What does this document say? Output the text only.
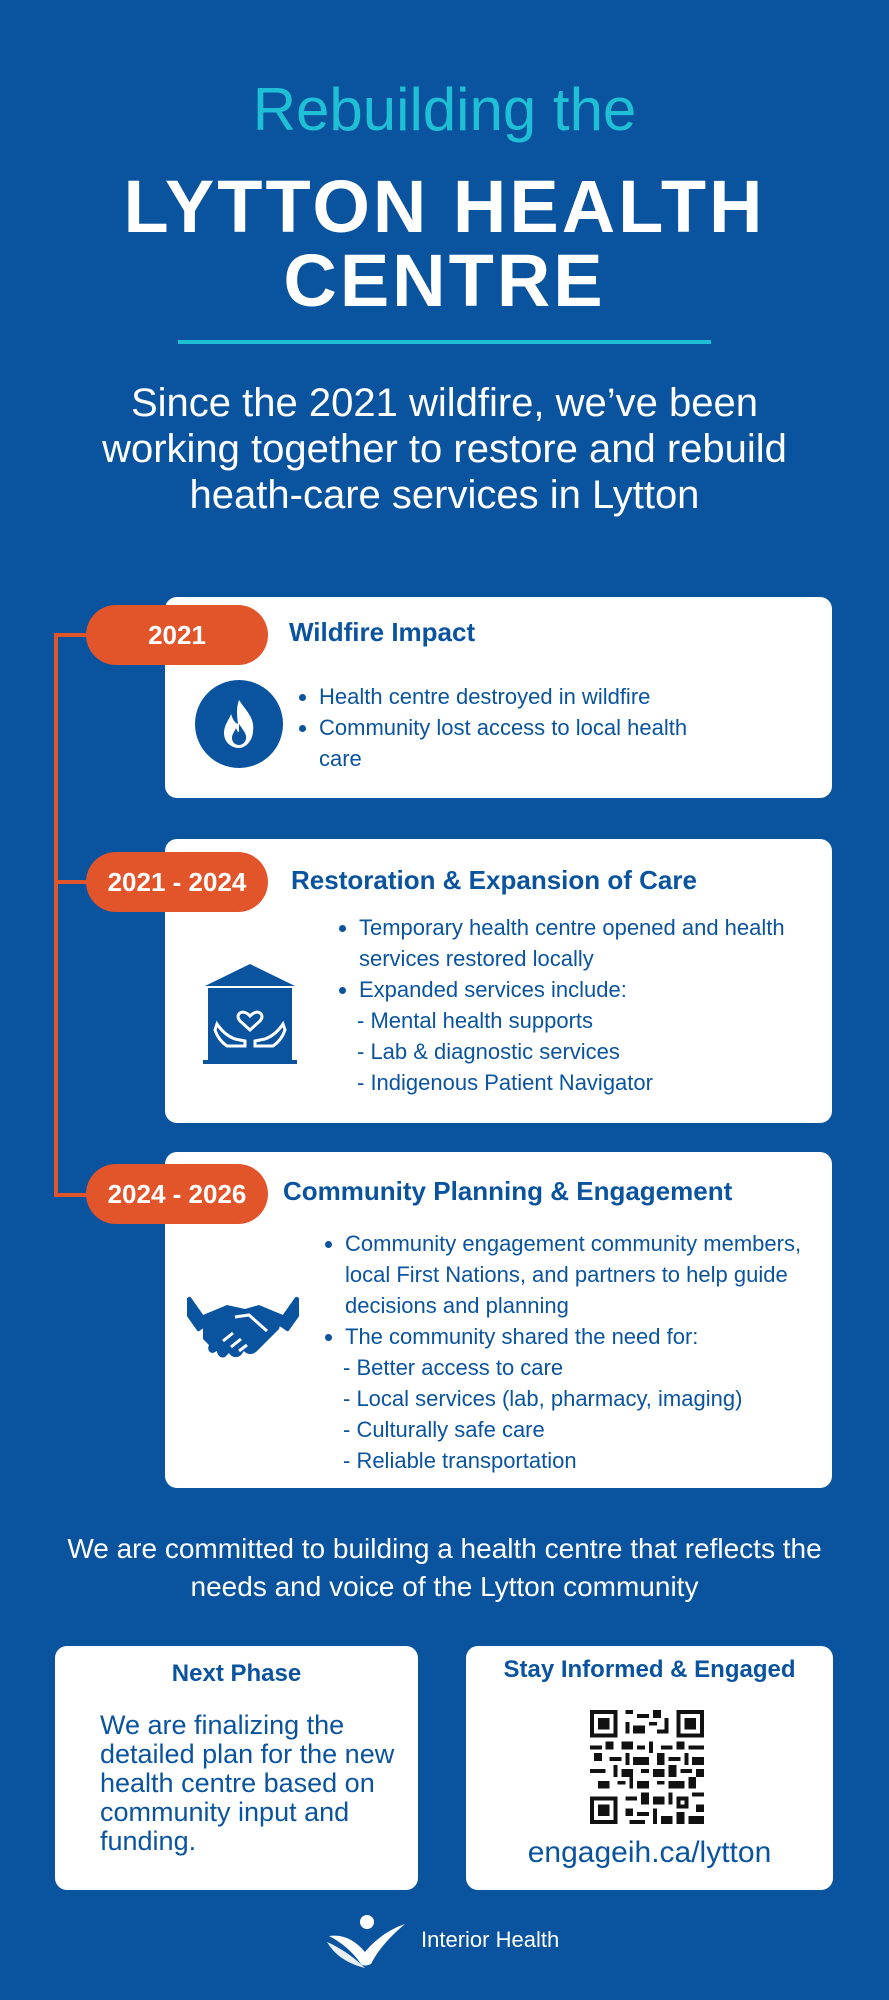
Rebuilding the
LYTTON HEALTH
CENTRE
Since the 2021 wildfire, we’ve been working together to restore and rebuild heath-care services in Lytton
Wildfire Impact
• Health centre destroyed in wildfire
• Community lost access to local health care
2021
Restoration & Expansion of Care
• Temporary health centre opened and health services restored locally
• Expanded services include:
- Mental health supports
- Lab & diagnostic services
- Indigenous Patient Navigator
2021 - 2024
Community Planning & Engagement
• Community engagement community members, local First Nations, and partners to help guide decisions and planning
• The community shared the need for:
- Better access to care
- Local services (lab, pharmacy, imaging)
- Culturally safe care
- Reliable transportation
2024 - 2026
We are committed to building a health centre that reflects the needs and voice of the Lytton community
Next Phase
We are finalizing the detailed plan for the new health centre based on community input and funding.
Stay Informed & Engaged
engageih.ca/lytton
Interior Health
